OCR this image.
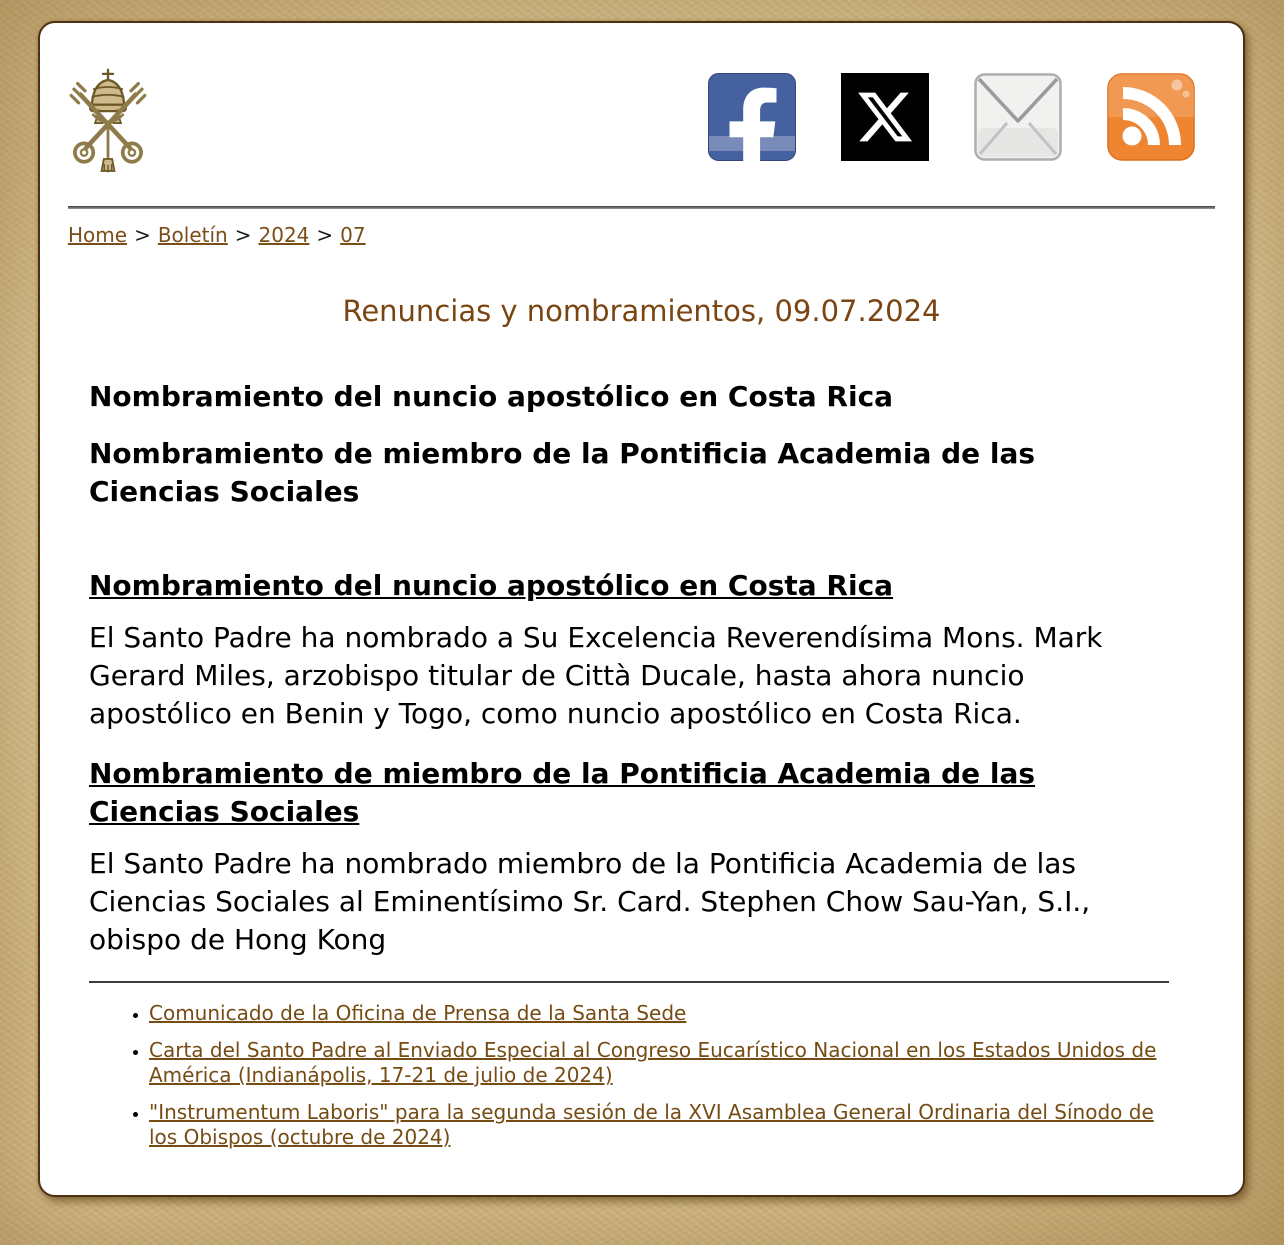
Home > Boletín > 2024 > 07
Renuncias y nombramientos, 09.07.2024
Nombramiento del nuncio apostólico en Costa Rica
Nombramiento de miembro de la Pontificia Academia de las Ciencias Sociales
Nombramiento del nuncio apostólico en Costa Rica

El Santo Padre ha nombrado a Su Excelencia Reverendísima Mons. Mark Gerard Miles, arzobispo titular de Città Ducale, hasta ahora nuncio apostólico en Benin y Togo, como nuncio apostólico en Costa Rica.

Nombramiento de miembro de la Pontificia Academia de las Ciencias Sociales

El Santo Padre ha nombrado miembro de la Pontificia Academia de las Ciencias Sociales al Eminentísimo Sr. Card. Stephen Chow Sau-Yan, S.I., obispo de Hong Kong

• Comunicado de la Oficina de Prensa de la Santa Sede
• Carta del Santo Padre al Enviado Especial al Congreso Eucarístico Nacional en los Estados Unidos de América (Indianápolis, 17-21 de julio de 2024)
• "Instrumentum Laboris" para la segunda sesión de la XVI Asamblea General Ordinaria del Sínodo de los Obispos (octubre de 2024)
